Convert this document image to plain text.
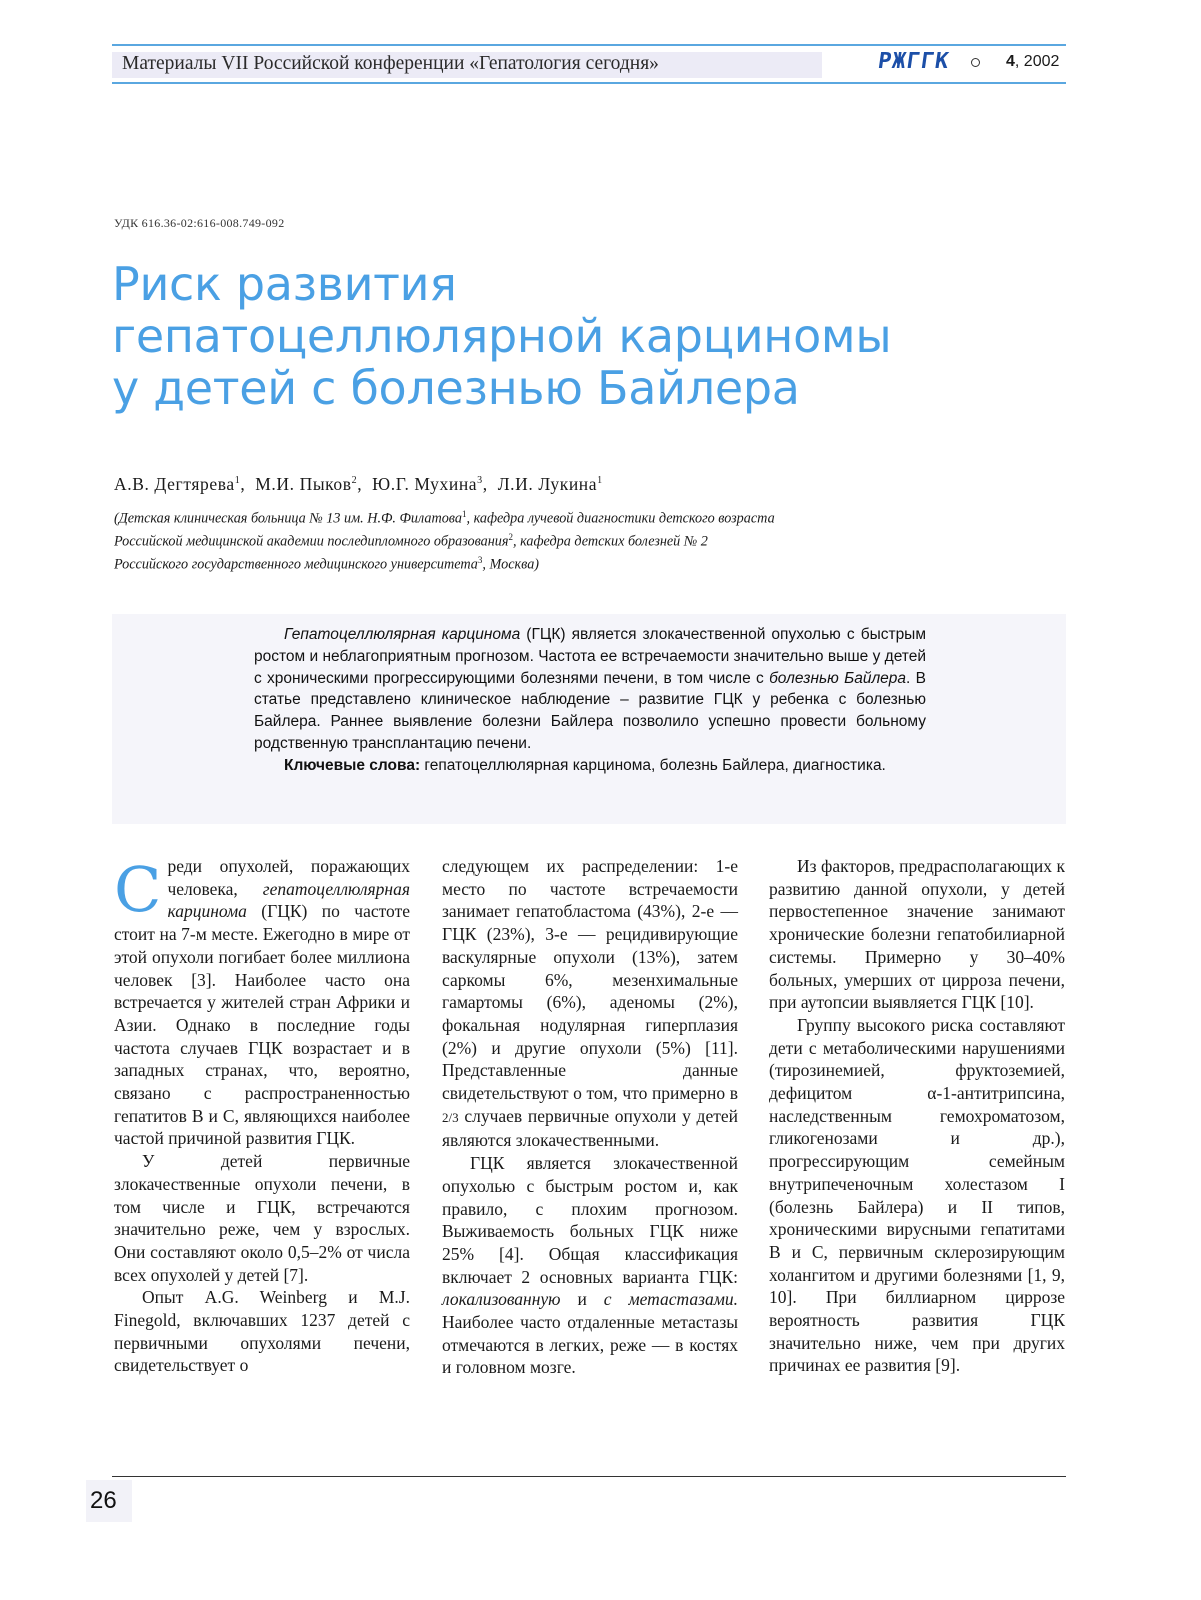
Материалы VII Российской конференции «Гепатология сегодня»	РЖГГК	4, 2002
УДК 616.36-02:616-008.749-092
Риск развития
гепатоцеллюлярной карциномы
у детей с болезнью Байлера
А.В. Дегтярева$^1$,  М.И. Пыков$^2$,  Ю.Г. Мухина$^3$,  Л.И. Лукина$^1$
(Детская клиническая больница № 13 им. Н.Ф. Филатова$^1$, кафедра лучевой диагностики детского возраста
Российской медицинской академии последипломного образования$^2$, кафедра детских болезней № 2
Российского государственного медицинского университета$^3$, Москва)

Гепатоцеллюлярная карцинома (ГЦК) является злокачественной опухолью с быстрым ростом и неблагоприятным прогнозом. Частота ее встречаемости значительно выше у детей с хроническими прогрессирующими болезнями печени, в том числе с болезнью Байлера. В статье представлено клиническое наблюдение – развитие ГЦК у ребенка с болезнью Байлера. Раннее выявление болезни Байлера позволило успешно провести больному родственную трансплантацию печени.

Ключевые слова: гепатоцеллюлярная карцинома, болезнь Байлера, диагностика.

Среди опухолей, поражающих человека, гепатоцеллюлярная карцинома (ГЦК) по частоте стоит на 7-м месте. Ежегодно в мире от этой опухоли погибает более миллиона человек [3]. Наиболее часто она встречается у жителей стран Африки и Азии. Однако в последние годы частота случаев ГЦК возрастает и в западных странах, что, вероятно, связано с распространенностью гепатитов В и С, являющихся наиболее частой причиной развития ГЦК.

У детей первичные злокачественные опухоли печени, в том числе и ГЦК, встречаются значительно реже, чем у взрослых. Они составляют около 0,5–2% от числа всех опухолей у детей [7].

Опыт A.G. Weinberg и M.J. Finegold, включавших 1237 детей с первичными опухолями печени, свидетельствует о

следующем их распределении: 1-е место по частоте встречаемости занимает гепатобластома (43%), 2-е — ГЦК (23%), 3-е — рецидивирующие васкулярные опухоли (13%), затем саркомы 6%, мезенхимальные гамартомы (6%), аденомы (2%), фокальная нодулярная гиперплазия (2%) и другие опухоли (5%) [11]. Представленные данные свидетельствуют о том, что примерно в 2/3 случаев первичные опухоли у детей являются злокачественными.

ГЦК является злокачественной опухолью с быстрым ростом и, как правило, с плохим прогнозом. Выживаемость больных ГЦК ниже 25% [4]. Общая классификация включает 2 основных варианта ГЦК: локализованную и с метастазами. Наиболее часто отдаленные метастазы отмечаются в легких, реже — в костях и головном мозге.

Из факторов, предрасполагающих к развитию данной опухоли, у детей первостепенное значение занимают хронические болезни гепатобилиарной системы. Примерно у 30–40% больных, умерших от цирроза печени, при аутопсии выявляется ГЦК [10].

Группу высокого риска составляют дети с метаболическими нарушениями (тирозинемией, фруктоземией, дефицитом α-1-антитрипсина, наследственным гемохроматозом, гликогенозами и др.), прогрессирующим семейным внутрипеченочным холестазом I (болезнь Байлера) и II типов, хроническими вирусными гепатитами В и С, первичным склерозирующим холангитом и другими болезнями [1, 9, 10]. При биллиарном циррозе вероятность развития ГЦК значительно ниже, чем при других причинах ее развития [9].

26
